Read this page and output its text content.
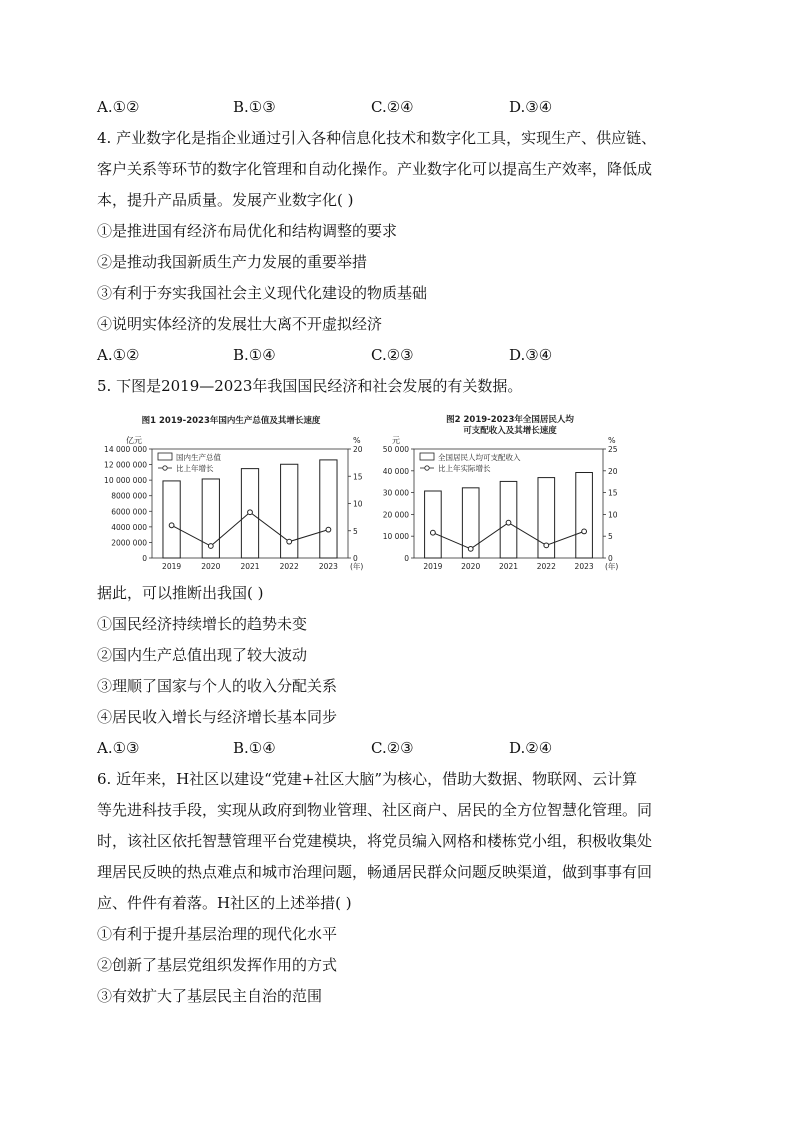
A.①②	B.①③	C.②④	D.③④
4. 产业数字化是指企业通过引入各种信息化技术和数字化工具，实现生产、供应链、
客户关系等环节的数字化管理和自动化操作。产业数字化可以提高生产效率，降低成
本，提升产品质量。发展产业数字化( )
①是推进国有经济布局优化和结构调整的要求
②是推动我国新质生产力发展的重要举措
③有利于夯实我国社会主义现代化建设的物质基础
④说明实体经济的发展壮大离不开虚拟经济
A.①②	B.①④	C.②③	D.③④
5. 下图是2019—2023年我国国民经济和社会发展的有关数据。
图1 2019-2023年国内生产总值及其增长速度
亿元	%
0
2000 000
4000 000
6000 000
8000 000
10 000 000
12 000 000
14 000 000
0
5
10
15
20
2019	2020	2021	2022	2023 (年)
国内生产总值
比上年增长
图2 2019-2023年全国居民人均
可支配收入及其增长速度
元	%
0
10 000
20 000
30 000
40 000
50 000
0
5
10
15
20
25
2019 2020 2021 2022 2023 (年)
全国居民人均可支配收入
比上年实际增长
据此，可以推断出我国( )
①国民经济持续增长的趋势未变
②国内生产总值出现了较大波动
③理顺了国家与个人的收入分配关系
④居民收入增长与经济增长基本同步
A.①③	B.①④	C.②③	D.②④
6. 近年来，H社区以建设“党建+社区大脑”为核心，借助大数据、物联网、云计算
等先进科技手段，实现从政府到物业管理、社区商户、居民的全方位智慧化管理。同
时，该社区依托智慧管理平台党建模块，将党员编入网格和楼栋党小组，积极收集处
理居民反映的热点难点和城市治理问题，畅通居民群众问题反映渠道，做到事事有回
应、件件有着落。H社区的上述举措( )
①有利于提升基层治理的现代化水平
②创新了基层党组织发挥作用的方式
③有效扩大了基层民主自治的范围
